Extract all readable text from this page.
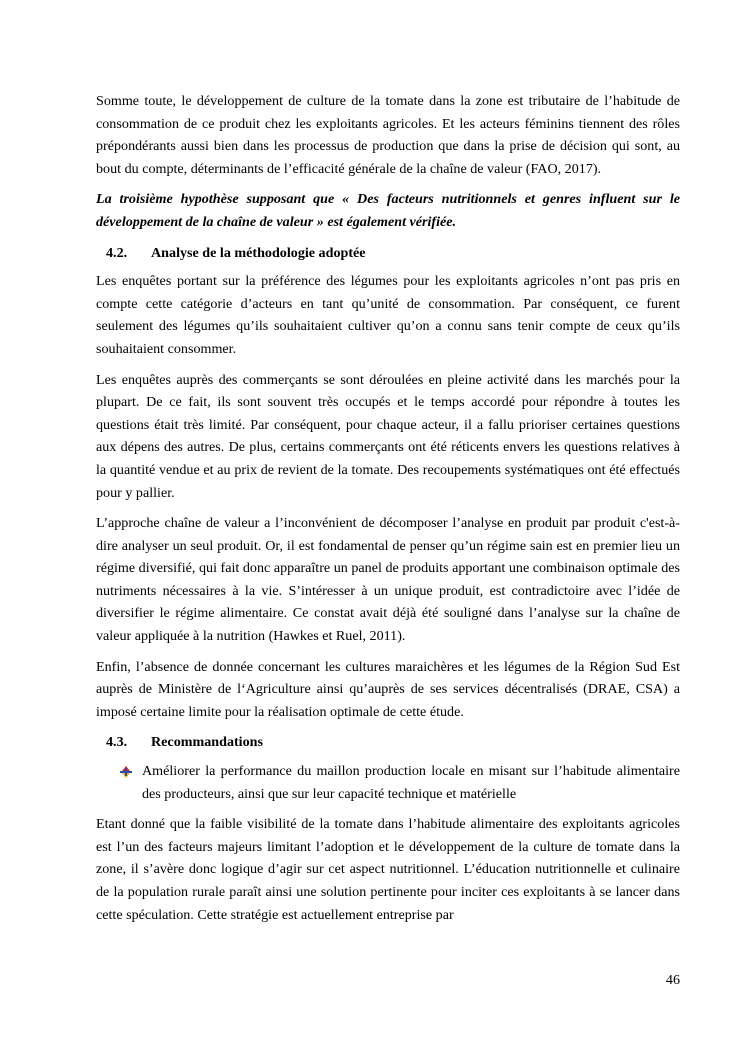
Somme toute, le développement de culture de la tomate dans la zone est tributaire de l’habitude de consommation de ce produit chez les exploitants agricoles. Et les acteurs féminins tiennent des rôles prépondérants aussi bien dans les processus de production que dans la prise de décision qui sont, au bout du compte, déterminants de l’efficacité générale de la chaîne de valeur (FAO, 2017).

La troisième hypothèse supposant que « Des facteurs nutritionnels et genres influent sur le développement de la chaîne de valeur » est également vérifiée.

4.2. Analyse de la méthodologie adoptée

Les enquêtes portant sur la préférence des légumes pour les exploitants agricoles n’ont pas pris en compte cette catégorie d’acteurs en tant qu’unité de consommation. Par conséquent, ce furent seulement des légumes qu’ils souhaitaient cultiver qu’on a connu sans tenir compte de ceux qu’ils souhaitaient consommer.

Les enquêtes auprès des commerçants se sont déroulées en pleine activité dans les marchés pour la plupart. De ce fait, ils sont souvent très occupés et le temps accordé pour répondre à toutes les questions était très limité. Par conséquent, pour chaque acteur, il a fallu prioriser certaines questions aux dépens des autres. De plus, certains commerçants ont été réticents envers les questions relatives à la quantité vendue et au prix de revient de la tomate. Des recoupements systématiques ont été effectués pour y pallier.

L’approche chaîne de valeur a l’inconvénient de décomposer l’analyse en produit par produit c'est-à-dire analyser un seul produit. Or, il est fondamental de penser qu’un régime sain est en premier lieu un régime diversifié, qui fait donc apparaître un panel de produits apportant une combinaison optimale des nutriments nécessaires à la vie. S’intéresser à un unique produit, est contradictoire avec l’idée de diversifier le régime alimentaire. Ce constat avait déjà été souligné dans l’analyse sur la chaîne de valeur appliquée à la nutrition (Hawkes et Ruel, 2011).

Enfin, l’absence de donnée concernant les cultures maraichères et les légumes de la Région Sud Est auprès de Ministère de l‘Agriculture ainsi qu’auprès de ses services décentralisés (DRAE, CSA) a imposé certaine limite pour la réalisation optimale de cette étude.

4.3. Recommandations
Améliorer la performance du maillon production locale en misant sur l’habitude alimentaire des producteurs, ainsi que sur leur capacité technique et matérielle

Etant donné que la faible visibilité de la tomate dans l’habitude alimentaire des exploitants agricoles est l’un des facteurs majeurs limitant l’adoption et le développement de la culture de tomate dans la zone, il s’avère donc logique d’agir sur cet aspect nutritionnel. L’éducation nutritionnelle et culinaire de la population rurale paraît ainsi une solution pertinente pour inciter ces exploitants à se lancer dans cette spéculation. Cette stratégie est actuellement entreprise par

46
